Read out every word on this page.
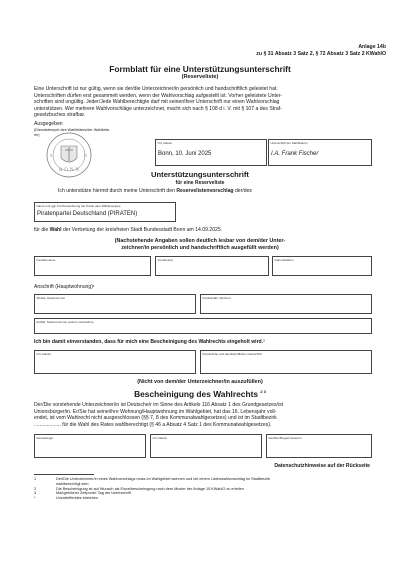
Anlage 14b
zu § 31 Absatz 3 Satz 2, § 72 Absatz 3 Satz 2 KWahlO
Formblatt für eine Unterstützungsunterschrift
(Reserveliste)
Eine Unterschrift ist nur gültig, wenn sie der/die Unterzeichner/in persönlich und handschriftlich geleistet hat.
Unterschriften dürfen erst gesammelt werden, wenn der Wahlvorschlag aufgestellt ist. Vorher geleistete Unter-
schriften sind ungültig. Jeder/Jede Wahlberechtigte darf mit seiner/ihrer Unterschrift nur einen Wahlvorschlag
unterstützen. Wer mehrere Wahlvorschläge unterzeichnet, macht sich nach § 108 d i. V. mit § 107 a des Straf-
gesetzbuches strafbar.
Ausgegeben
(Dienststempel des Wahlleiters/der Wahlleite-
rin)
S	D
BONN
Ort, Datum
Bonn, 10. Juni 2025
Unterschrift der Wahlleiterin
I.A. Frank Fischer
Unterstützungsunterschrift
für eine Reserveliste
Ich unterstütze hiermit durch meine Unterschrift den Reservelistenvorschlag der/des
Name und ggf. Kurzbezeichnung der Partei oder Wählergruppe
Piratenpartei Deutschland (PIRATEN)
für die Wahl der Vertretung der kreisfreien Stadt Bundesstadt Bonn am 14.09.2025.
(Nachstehende Angaben sollen deutlich lesbar von dem/der Unter-
zeichner/in persönlich und handschriftlich ausgefüllt werden)
Familienname	Vorname(n)	Geburtsdatum
Anschrift (Hauptwohnung)¹
Straße, Hausnummer	Postleitzahl, Wohnort
E-Mail, Telefonnummer (sofern vorhanden)
Ich bin damit einverstanden, dass für mich eine Bescheinigung des Wahlrechts eingeholt wird.²
Ort, Datum	Persönliche und handschriftliche Unterschrift
(Nicht von dem/der Unterzeichner/in auszufüllen)
Bescheinigung des Wahlrechts $^{2 3}$
Der/Die vorstehende Unterzeichner/in ist Deutsche/r im Sinne des Artikels 116 Absatz 1 des Grundgesetzes/ist
Unionsbürger/in. Er/Sie hat seine/ihre Wohnung/Hauptwohnung im Wahlgebiet, hat das 16. Lebensjahr voll-
endet, ist vom Wahlrecht nicht ausgeschlossen (§§ 7, 8 des Kommunalwahlgesetzes) und ist im Stadtbezirk
................... für die Wahl des Rates wahlberechtigt (§ 46 a Absatz 4 Satz 1 des Kommunalwahlgesetzes).
Dienstsiegel	Ort, Datum	Der/Die Bürgermeister/in
Datenschutzhinweise auf der Rückseite
1	Der/Die Unterzeichner/in eines Wahlvorschlags muss im Wahlgebiet wohnen und bei einem Listenwahlvorschlag im Stadtbezirk
wahlberechtigt sein
2	Die Bescheinigung ist auf Wunsch als Einzelbescheinigung nach dem Muster der Anlage 15 KWahlO zu erteilen
3	Maßgeblicher Zeitpunkt: Tag der Unterschrift
*	Unzutreffendes streichen
